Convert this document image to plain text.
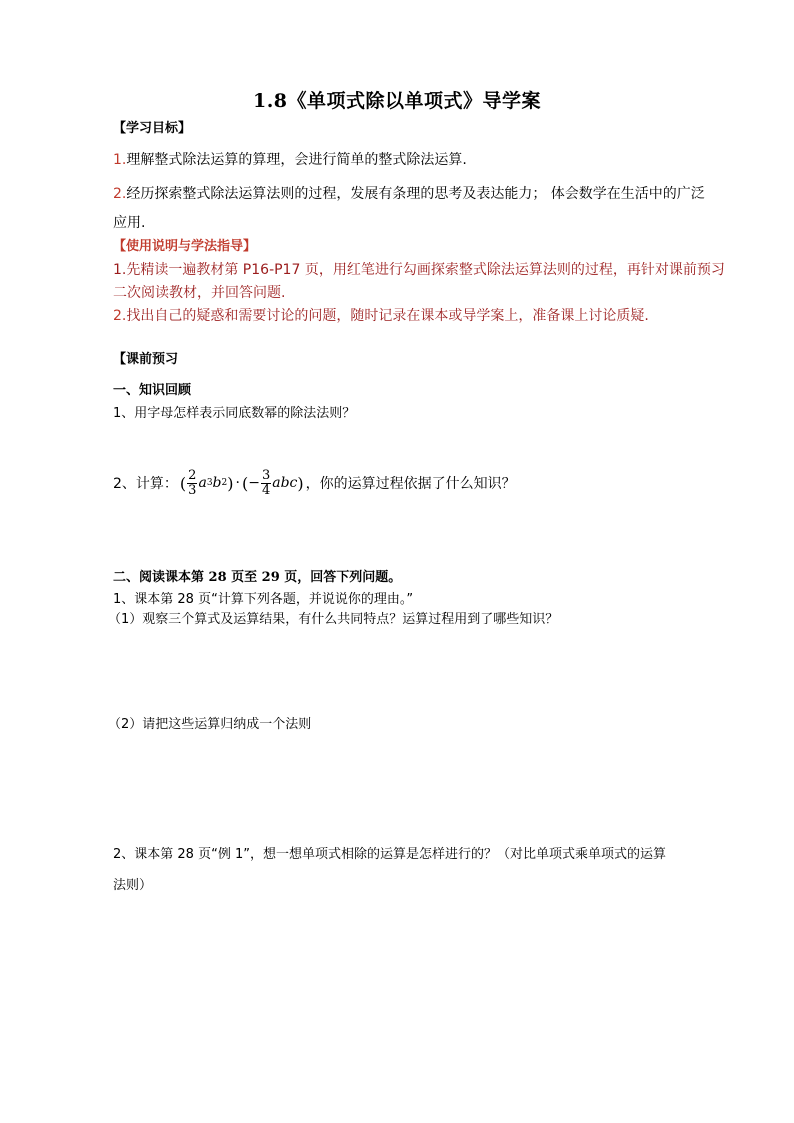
1.8《单项式除以单项式》导学案
【学习目标】
1.理解整式除法运算的算理，会进行简单的整式除法运算.
2.经历探索整式除法运算法则的过程，发展有条理的思考及表达能力； 体会数学在生活中的广泛
应用.
【使用说明与学法指导】
1.先精读一遍教材第 P16-P17 页，用红笔进行勾画探索整式除法运算法则的过程，再针对课前预习
二次阅读教材，并回答问题.
2.找出自己的疑惑和需要讨论的问题，随时记录在课本或导学案上，准备课上讨论质疑.
【课前预习
一、知识回顾
1、用字母怎样表示同底数幂的除法法则？
2、计算： ( $\frac{2}{3}$ a 3 b 2 ) · ( − $\frac{3}{4}$ abc ) ，你的运算过程依据了什么知识？
二、阅读课本第 28 页至 29 页，回答下列问题。
1、课本第 28 页“计算下列各题，并说说你的理由。”
（1）观察三个算式及运算结果，有什么共同特点？运算过程用到了哪些知识？
（2）请把这些运算归纳成一个法则
2、课本第 28 页“例 1”，想一想单项式相除的运算是怎样进行的？（对比单项式乘单项式的运算
法则）
